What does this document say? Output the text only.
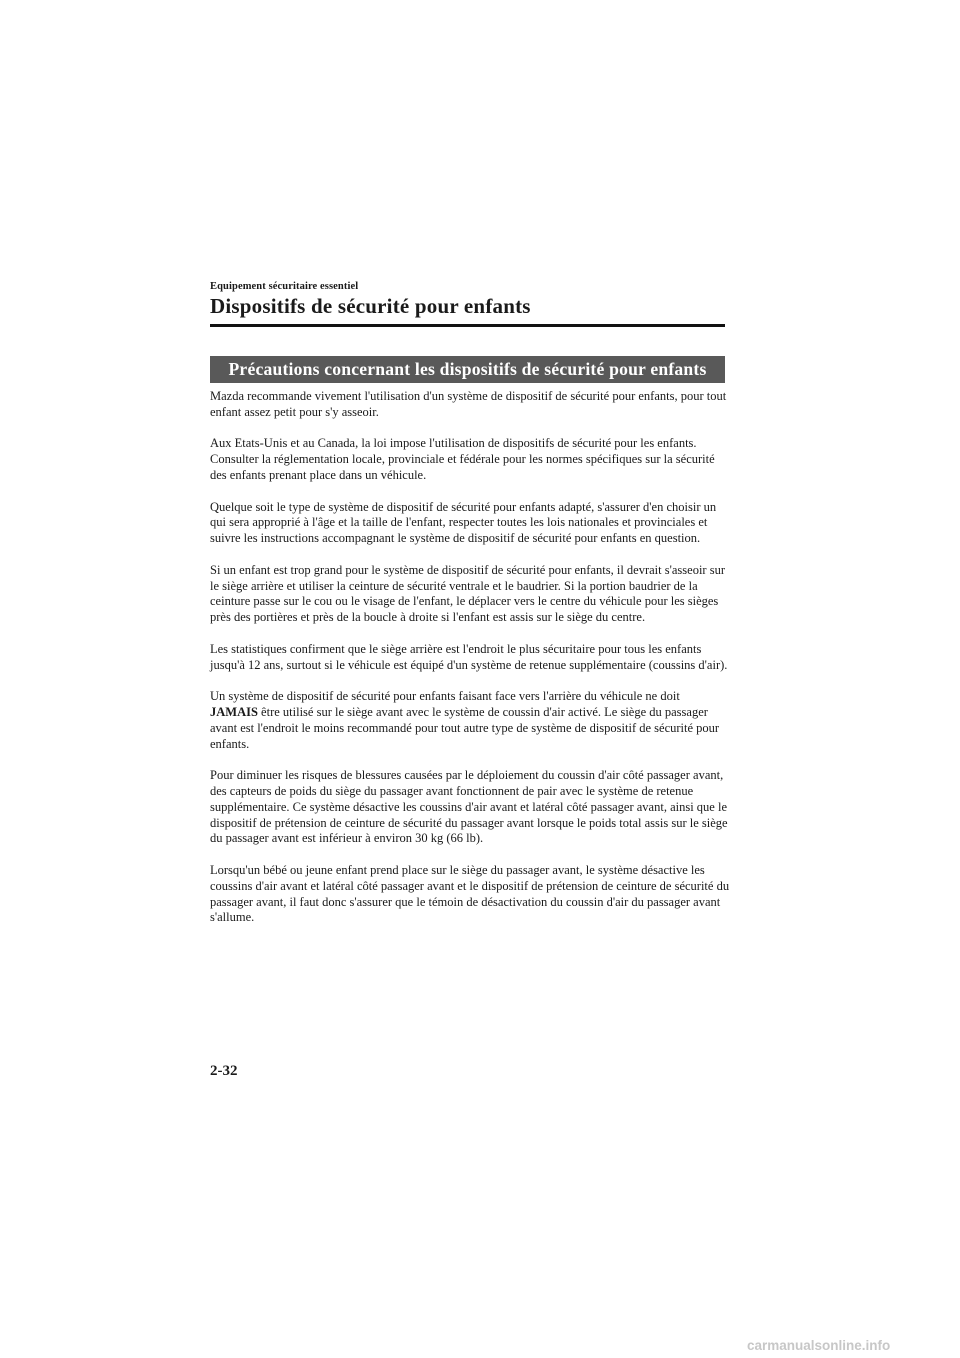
Equipement sécuritaire essentiel
Dispositifs de sécurité pour enfants
Précautions concernant les dispositifs de sécurité pour enfants

Mazda recommande vivement l'utilisation d'un système de dispositif de sécurité pour enfants, pour tout enfant assez petit pour s'y asseoir.

Aux Etats-Unis et au Canada, la loi impose l'utilisation de dispositifs de sécurité pour les enfants.
Consulter la réglementation locale, provinciale et fédérale pour les normes spécifiques sur la sécurité des enfants prenant place dans un véhicule.

Quelque soit le type de système de dispositif de sécurité pour enfants adapté, s'assurer d'en choisir un qui sera approprié à l'âge et la taille de l'enfant, respecter toutes les lois nationales et provinciales et suivre les instructions accompagnant le système de dispositif de sécurité pour enfants en question.

Si un enfant est trop grand pour le système de dispositif de sécurité pour enfants, il devrait s'asseoir sur le siège arrière et utiliser la ceinture de sécurité ventrale et le baudrier. Si la portion baudrier de la ceinture passe sur le cou ou le visage de l'enfant, le déplacer vers le centre du véhicule pour les sièges près des portières et près de la boucle à droite si l'enfant est assis sur le siège du centre.

Les statistiques confirment que le siège arrière est l'endroit le plus sécuritaire pour tous les enfants jusqu'à 12 ans, surtout si le véhicule est équipé d'un système de retenue supplémentaire (coussins d'air).

Un système de dispositif de sécurité pour enfants faisant face vers l'arrière du véhicule ne doit JAMAIS être utilisé sur le siège avant avec le système de coussin d'air activé. Le siège du passager avant est l'endroit le moins recommandé pour tout autre type de système de dispositif de sécurité pour enfants.

Pour diminuer les risques de blessures causées par le déploiement du coussin d'air côté passager avant, des capteurs de poids du siège du passager avant fonctionnent de pair avec le système de retenue supplémentaire. Ce système désactive les coussins d'air avant et latéral côté passager avant, ainsi que le dispositif de prétension de ceinture de sécurité du passager avant lorsque le poids total assis sur le siège du passager avant est inférieur à environ 30 kg (66 lb).

Lorsqu'un bébé ou jeune enfant prend place sur le siège du passager avant, le système désactive les coussins d'air avant et latéral côté passager avant et le dispositif de prétension de ceinture de sécurité du passager avant, il faut donc s'assurer que le témoin de désactivation du coussin d'air du passager avant s'allume.

2-32
carmanualsonline.info
